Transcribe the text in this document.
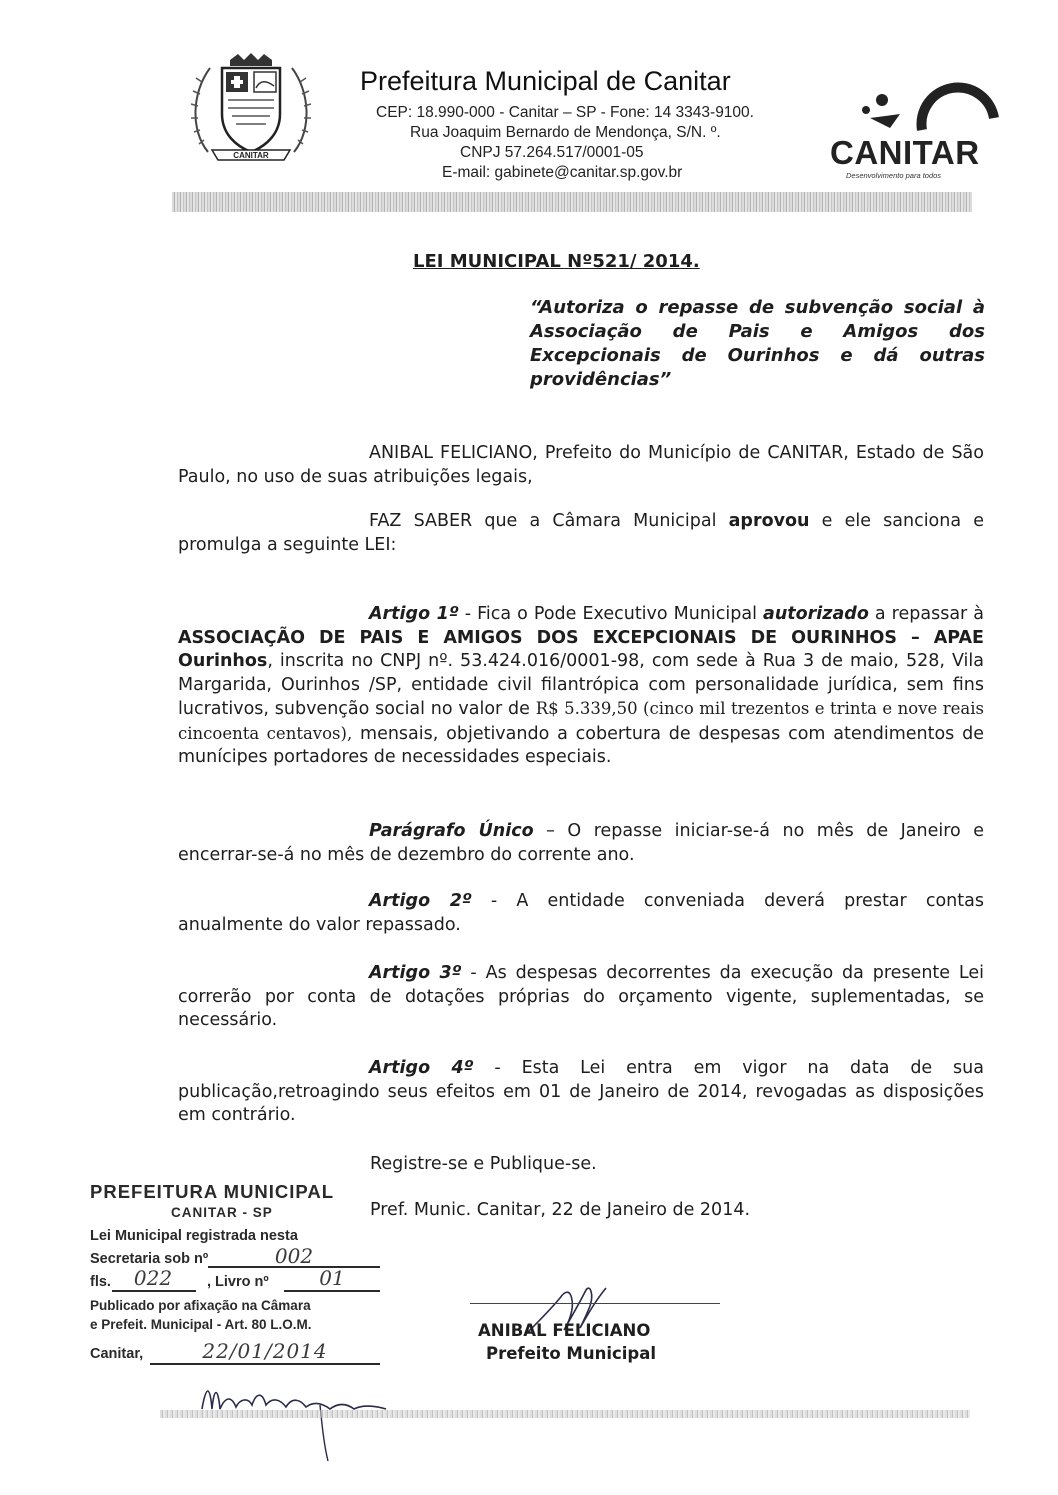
CANITAR
Prefeitura Municipal de Canitar
CEP: 18.990-000 - Canitar – SP - Fone: 14 3343-9100.
Rua Joaquim Bernardo de Mendonça, S/N. º.
CNPJ 57.264.517/0001-05
E-mail: gabinete@canitar.sp.gov.br
CANITAR
Desenvolvimento para todos
LEI MUNICIPAL Nº521/ 2014.
“Autoriza o repasse de subvenção social à Associação de Pais e Amigos dos Excepcionais de Ourinhos e dá outras providências”
ANIBAL FELICIANO, Prefeito do Município de CANITAR, Estado de São Paulo, no uso de suas atribuições legais,
FAZ SABER que a Câmara Municipal aprovou e ele sanciona e promulga a seguinte LEI:
Artigo 1º - Fica o Pode Executivo Municipal autorizado a repassar à ASSOCIAÇÃO DE PAIS E AMIGOS DOS EXCEPCIONAIS DE OURINHOS – APAE Ourinhos, inscrita no CNPJ nº. 53.424.016/0001-98, com sede à Rua 3 de maio, 528, Vila Margarida, Ourinhos /SP, entidade civil filantrópica com personalidade jurídica, sem fins lucrativos, subvenção social no valor de R$ 5.339,50 (cinco mil trezentos e trinta e nove reais cincoenta centavos), mensais, objetivando a cobertura de despesas com atendimentos de munícipes portadores de necessidades especiais.
Parágrafo Único – O repasse iniciar-se-á no mês de Janeiro e encerrar-se-á no mês de dezembro do corrente ano.
Artigo 2º - A entidade conveniada deverá prestar contas anualmente do valor repassado.
Artigo 3º - As despesas decorrentes da execução da presente Lei correrão por conta de dotações próprias do orçamento vigente, suplementadas, se necessário.
Artigo 4º - Esta Lei entra em vigor na data de sua publicação,retroagindo seus efeitos em 01 de Janeiro de 2014, revogadas as disposições em contrário.
Registre-se e Publique-se.
Pref. Munic. Canitar, 22 de Janeiro de 2014.
PREFEITURA MUNICIPAL
CANITAR - SP
Lei Municipal registrada nesta
Secretaria sob nº
fls.	, Livro nº
Publicado por afixação na Câmara
e Prefeit. Municipal - Art. 80 L.O.M.
Canitar,
002
022	01
22/01/2014
ANIBAL FELICIANO
Prefeito Municipal
